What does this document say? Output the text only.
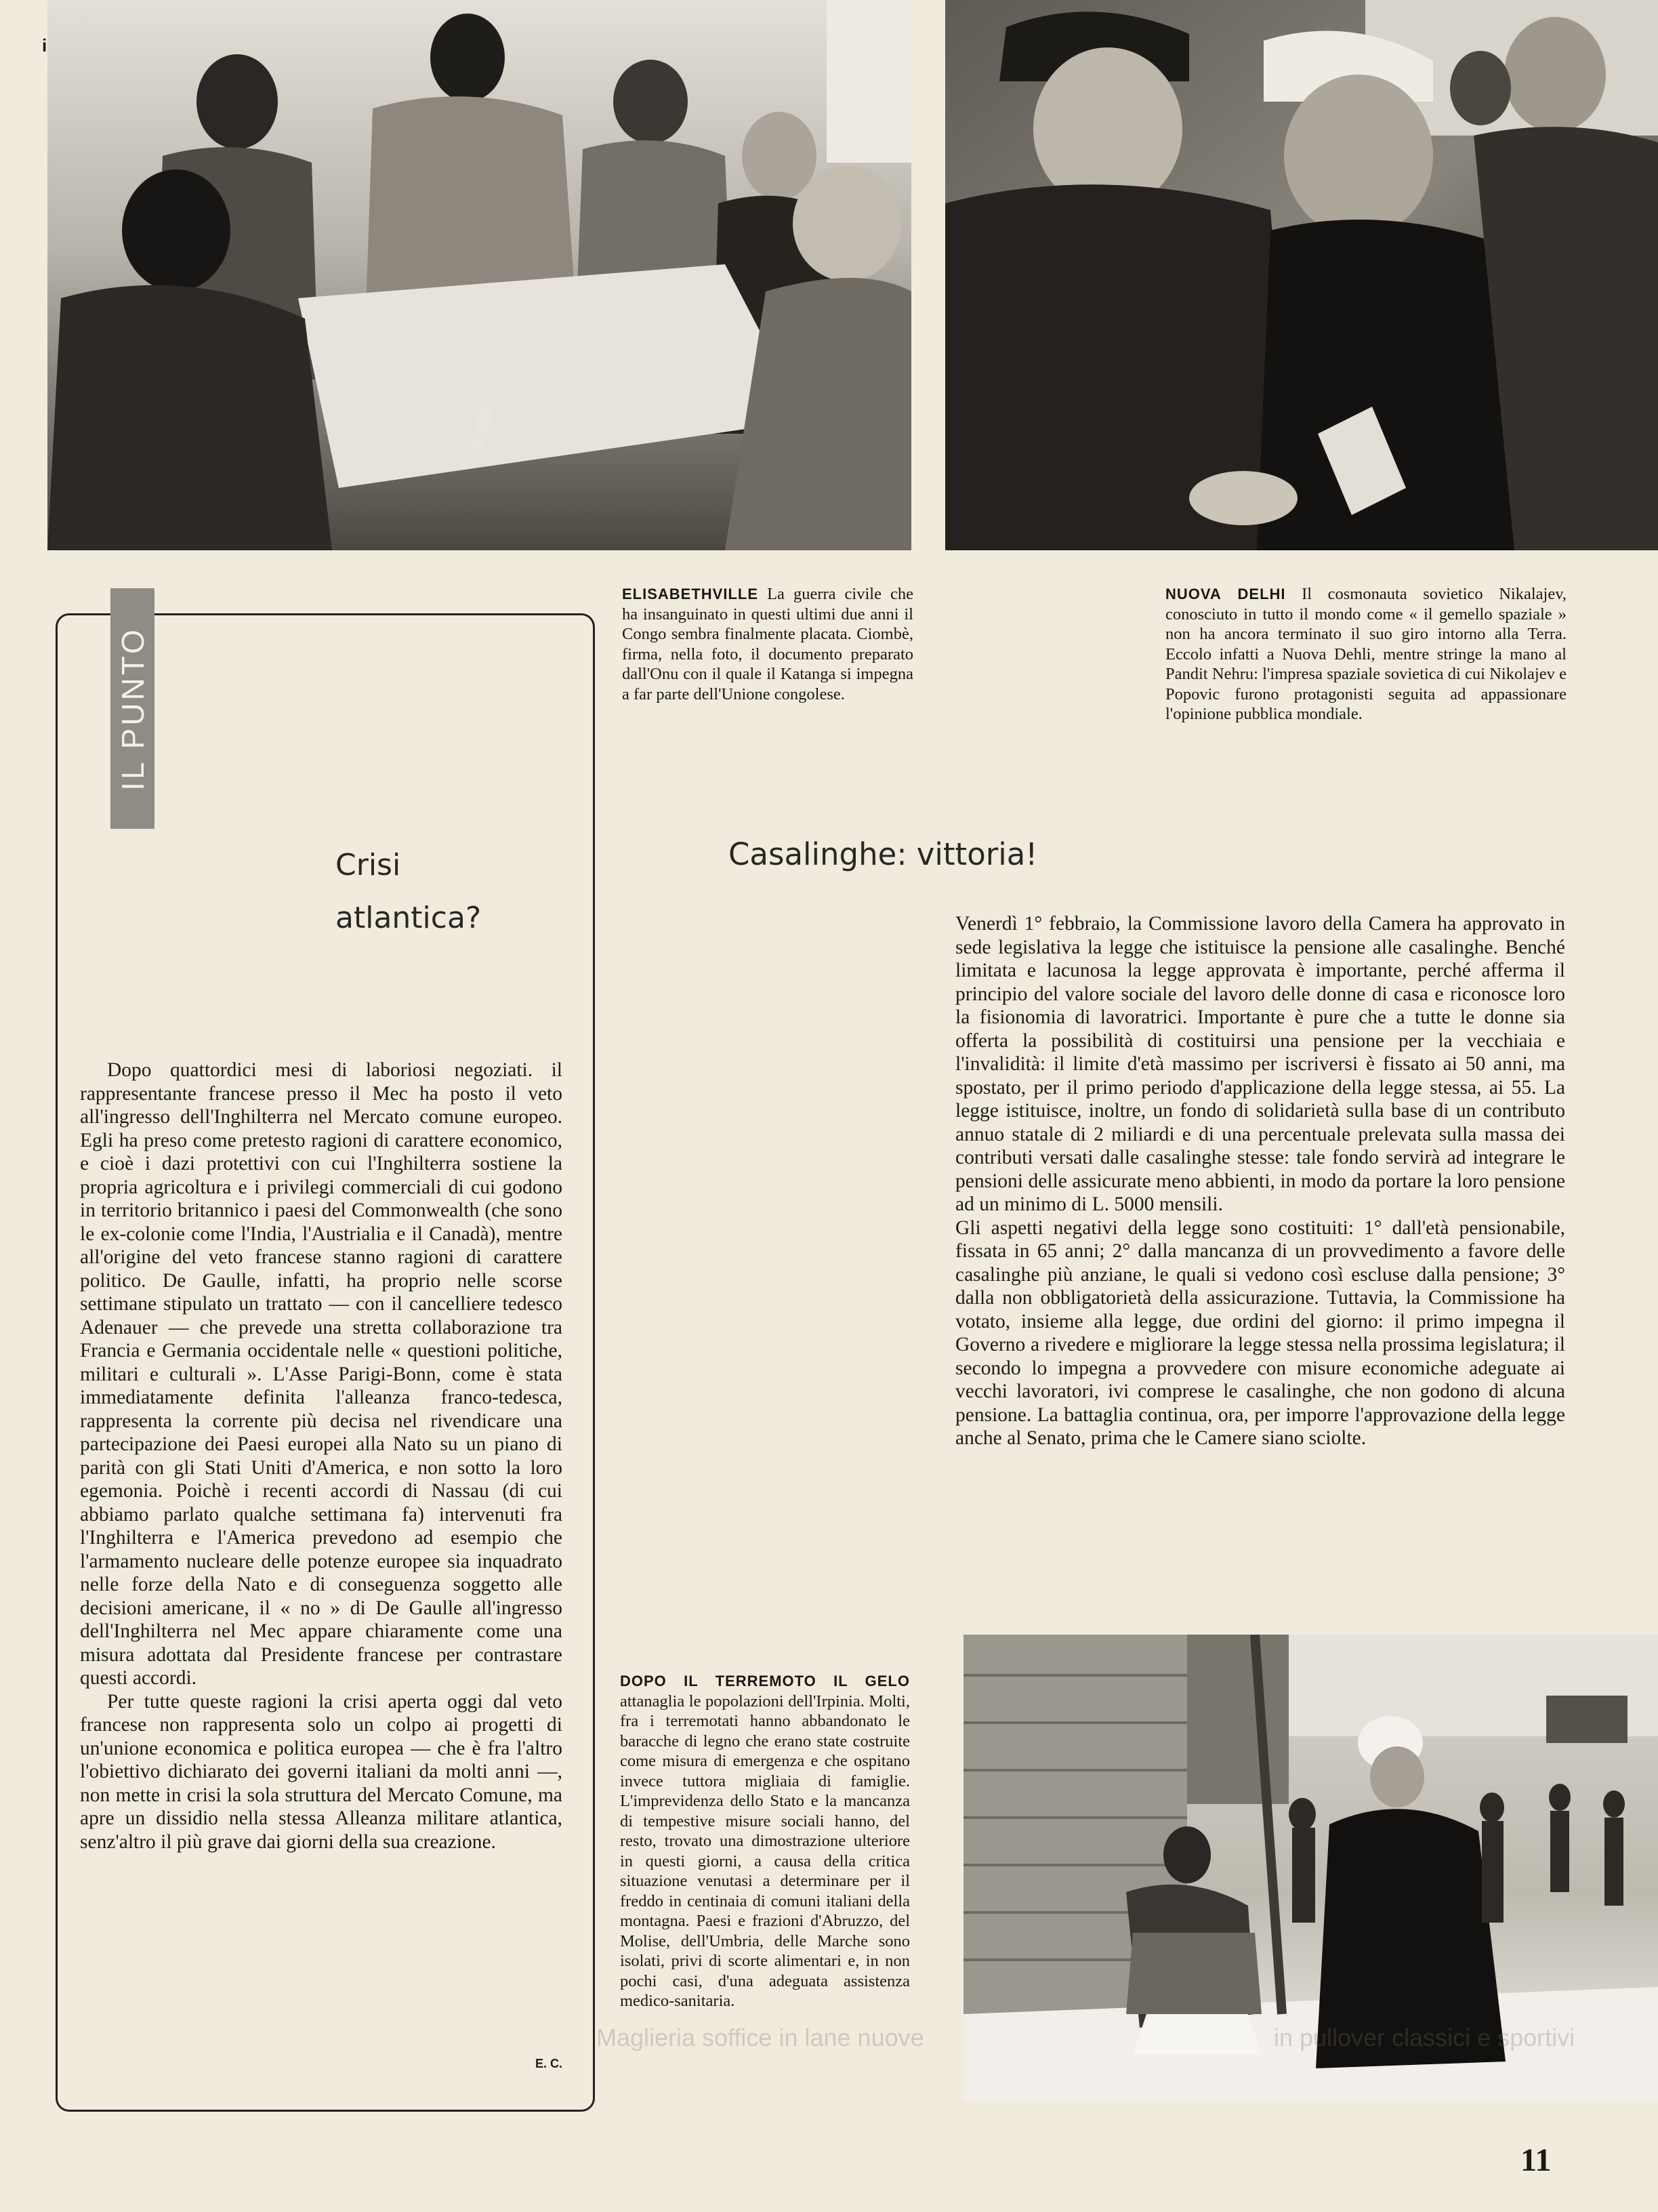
i
ELISABETHVILLE La guerra civile che ha insanguinato in questi ultimi due anni il Congo sembra finalmente placata. Ciombè, firma, nella foto, il documento preparato dall'Onu con il quale il Katanga si impegna a far parte dell'Unione congolese.
NUOVA DELHI Il cosmonauta sovietico Nikalajev, conosciuto in tutto il mondo come « il gemello spaziale » non ha ancora terminato il suo giro intorno alla Terra. Eccolo infatti a Nuova Dehli, mentre stringe la mano al Pandit Nehru: l'impresa spaziale sovietica di cui Nikolajev e Popovic furono protagonisti seguita ad appassionare l'opinione pubblica mondiale.
IL PUNTO
Crisi
atlantica?

Dopo quattordici mesi di laboriosi negoziati. il rappresentante francese presso il Mec ha posto il veto all'ingresso dell'Inghilterra nel Mercato comune europeo. Egli ha preso come pretesto ragioni di carattere economico, e cioè i dazi protettivi con cui l'Inghilterra sostiene la propria agricoltura e i privilegi commerciali di cui godono in territorio britannico i paesi del Commonwealth (che sono le ex-colonie come l'India, l'Austrialia e il Canadà), mentre all'origine del veto francese stanno ragioni di carattere politico. De Gaulle, infatti, ha proprio nelle scorse settimane stipulato un trattato — con il cancelliere tedesco Adenauer — che prevede una stretta collaborazione tra Francia e Germania occidentale nelle « questioni politiche, militari e culturali ». L'Asse Parigi-Bonn, come è stata immediatamente definita l'alleanza franco-tedesca, rappresenta la corrente più decisa nel rivendicare una partecipazione dei Paesi europei alla Nato su un piano di parità con gli Stati Uniti d'America, e non sotto la loro egemonia. Poichè i recenti accordi di Nassau (di cui abbiamo parlato qualche settimana fa) intervenuti fra l'Inghilterra e l'America prevedono ad esempio che l'armamento nucleare delle potenze europee sia inquadrato nelle forze della Nato e di conseguenza soggetto alle decisioni americane, il « no » di De Gaulle all'ingresso dell'Inghilterra nel Mec appare chiaramente come una misura adottata dal Presidente francese per contrastare questi accordi.

Per tutte queste ragioni la crisi aperta oggi dal veto francese non rappresenta solo un colpo ai progetti di un'unione economica e politica europea — che è fra l'altro l'obiettivo dichiarato dei governi italiani da molti anni —, non mette in crisi la sola struttura del Mercato Comune, ma apre un dissidio nella stessa Alleanza militare atlantica, senz'altro il più grave dai giorni della sua creazione.

E. C.
Casalinghe: vittoria!

Venerdì 1° febbraio, la Commissione lavoro della Camera ha approvato in sede legislativa la legge che istituisce la pensione alle casalinghe. Benché limitata e lacunosa la legge approvata è importante, perché afferma il principio del valore sociale del lavoro delle donne di casa e riconosce loro la fisionomia di lavoratrici. Importante è pure che a tutte le donne sia offerta la possibilità di costituirsi una pensione per la vecchiaia e l'invalidità: il limite d'età massimo per iscriversi è fissato ai 50 anni, ma spostato, per il primo periodo d'applicazione della legge stessa, ai 55. La legge istituisce, inoltre, un fondo di solidarietà sulla base di un contributo annuo statale di 2 miliardi e di una percentuale prelevata sulla massa dei contributi versati dalle casalinghe stesse: tale fondo servirà ad integrare le pensioni delle assicurate meno abbienti, in modo da portare la loro pensione ad un minimo di L. 5000 mensili.

Gli aspetti negativi della legge sono costituiti: 1° dall'età pensionabile, fissata in 65 anni; 2° dalla mancanza di un provvedimento a favore delle casalinghe più anziane, le quali si vedono così escluse dalla pensione; 3° dalla non obbligatorietà della assicurazione. Tuttavia, la Commissione ha votato, insieme alla legge, due ordini del giorno: il primo impegna il Governo a rivedere e migliorare la legge stessa nella prossima legislatura; il secondo lo impegna a provvedere con misure economiche adeguate ai vecchi lavoratori, ivi comprese le casalinghe, che non godono di alcuna pensione. La battaglia continua, ora, per imporre l'approvazione della legge anche al Senato, prima che le Camere siano sciolte.

DOPO IL TERREMOTO IL GELO attanaglia le popolazioni dell'Irpinia. Molti, fra i terremotati hanno abbandonato le baracche di legno che erano state costruite come misura di emergenza e che ospitano invece tuttora migliaia di famiglie. L'imprevidenza dello Stato e la mancanza di tempestive misure sociali hanno, del resto, trovato una dimostrazione ulteriore in questi giorni, a causa della critica situazione venutasi a determinare per il freddo in centinaia di comuni italiani della montagna. Paesi e frazioni d'Abruzzo, del Molise, dell'Umbria, delle Marche sono isolati, privi di scorte alimentari e, in non pochi casi, d'una adeguata assistenza medico-sanitaria.
Maglieria soffice in lane nuove	in pullover classici e sportivi
11
